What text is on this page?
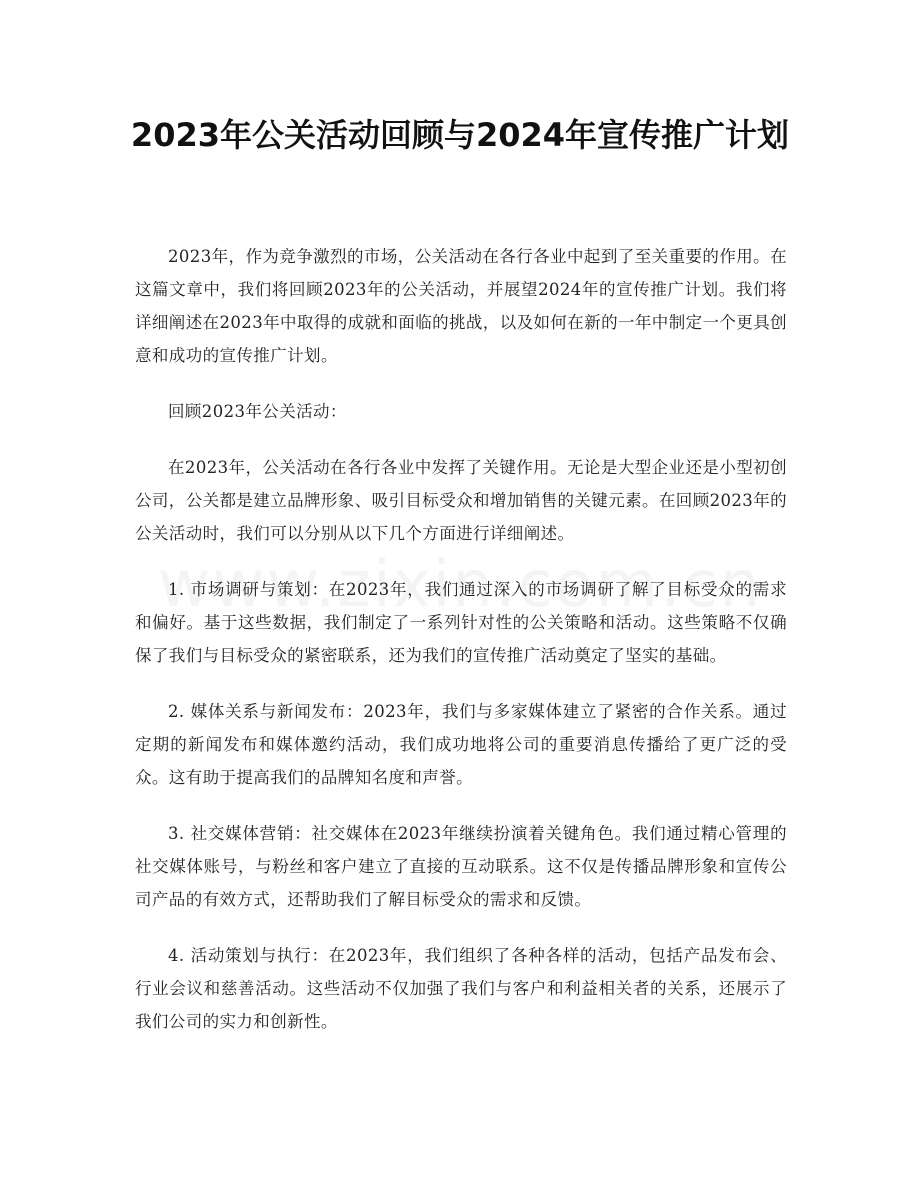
2023年公关活动回顾与2024年宣传推广计划

2023年，作为竞争激烈的市场，公关活动在各行各业中起到了至关重要的作用。在这篇文章中，我们将回顾2023年的公关活动，并展望2024年的宣传推广计划。我们将详细阐述在2023年中取得的成就和面临的挑战，以及如何在新的一年中制定一个更具创意和成功的宣传推广计划。

回顾2023年公关活动：

在2023年，公关活动在各行各业中发挥了关键作用。无论是大型企业还是小型初创公司，公关都是建立品牌形象、吸引目标受众和增加销售的关键元素。在回顾2023年的公关活动时，我们可以分别从以下几个方面进行详细阐述。

1. 市场调研与策划：在2023年，我们通过深入的市场调研了解了目标受众的需求和偏好。基于这些数据，我们制定了一系列针对性的公关策略和活动。这些策略不仅确保了我们与目标受众的紧密联系，还为我们的宣传推广活动奠定了坚实的基础。

2. 媒体关系与新闻发布：2023年，我们与多家媒体建立了紧密的合作关系。通过定期的新闻发布和媒体邀约活动，我们成功地将公司的重要消息传播给了更广泛的受众。这有助于提高我们的品牌知名度和声誉。

3. 社交媒体营销：社交媒体在2023年继续扮演着关键角色。我们通过精心管理的社交媒体账号，与粉丝和客户建立了直接的互动联系。这不仅是传播品牌形象和宣传公司产品的有效方式，还帮助我们了解目标受众的需求和反馈。

4. 活动策划与执行：在2023年，我们组织了各种各样的活动，包括产品发布会、行业会议和慈善活动。这些活动不仅加强了我们与客户和利益相关者的关系，还展示了我们公司的实力和创新性。
